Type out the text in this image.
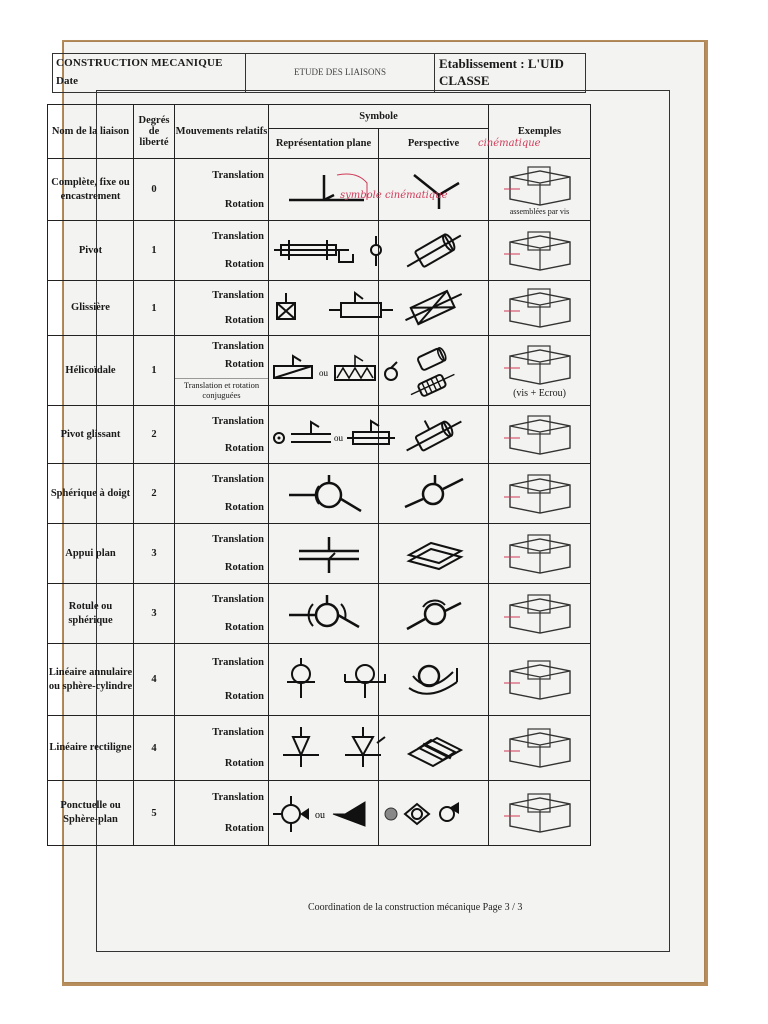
CONSTRUCTION MECANIQUE
Date
ETUDE DES LIAISONS
Etablissement : L'UID
CLASSE
Nom de la liaison	Degrés de liberté	Mouvements relatifs	Symbole		Exemples
			Représentation plane	Perspective	
Complète, fixe ou encastrement	0	Translation
Rotation			assemblées par vis

Pivot	1	Translation
Rotation

Glissière	1	Translation
Rotation

Hélicoïdale	1	Translation
Rotation
Translation et rotation conjuguées	ou		(vis + Ecrou)

Pivot glissant	2	Translation
Rotation	ou

Sphérique à doigt	2	Translation
Rotation

Appui plan	3	Translation
Rotation

Rotule ou sphérique	3	Translation
Rotation

Linéaire annulaire ou sphère-cylindre	4	Translation
Rotation

Linéaire rectiligne	4	Translation
Rotation

Ponctuelle ou Sphère-plan	5	Translation
Rotation	ou

cinématique
symbole cinématique
Coordination de la construction mécanique Page 3 / 3
